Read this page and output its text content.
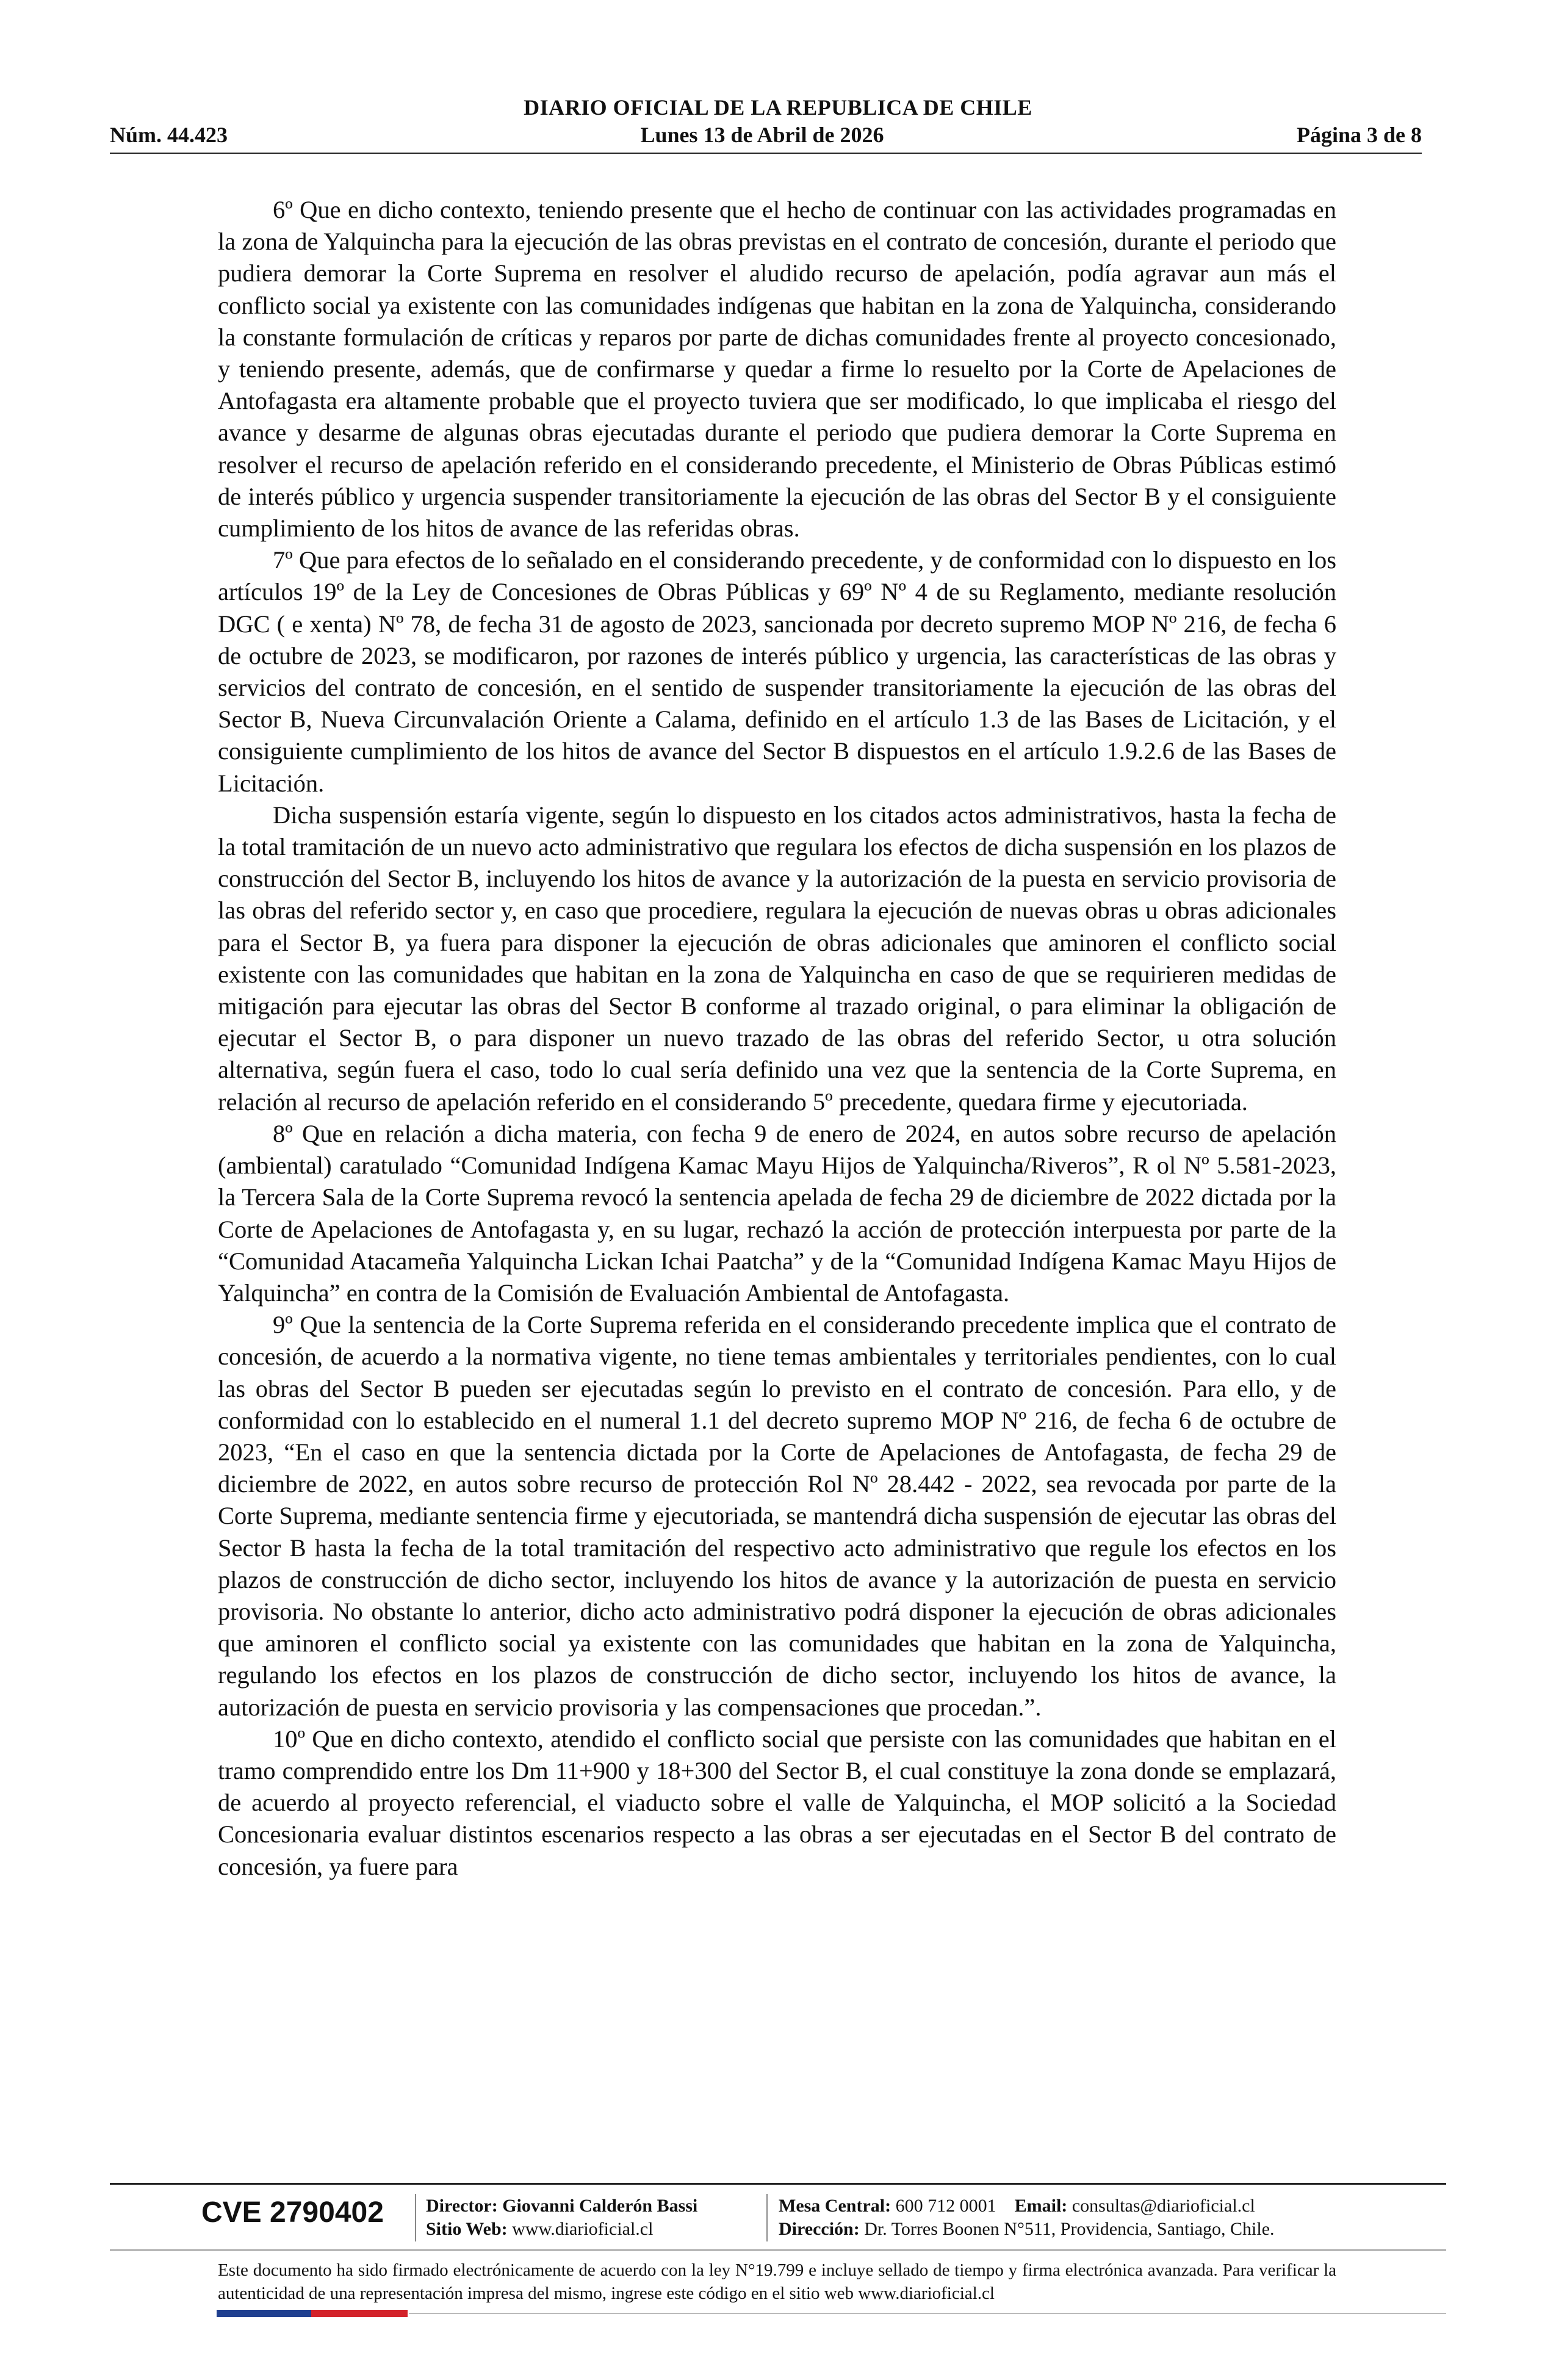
DIARIO OFICIAL DE LA REPUBLICA DE CHILE
Núm. 44.423	Lunes 13 de Abril de 2026	Página 3 de 8

6º Que en dicho contexto, teniendo presente que el hecho de continuar con las actividades programadas en la zona de Yalquincha para la ejecución de las obras previstas en el contrato de concesión, durante el periodo que pudiera demorar la Corte Suprema en resolver el aludido recurso de apelación, podía agravar aun más el conflicto social ya existente con las comunidades indígenas que habitan en la zona de Yalquincha, considerando la constante formulación de críticas y reparos por parte de dichas comunidades frente al proyecto concesionado, y teniendo presente, además, que de confirmarse y quedar a firme lo resuelto por la Corte de Apelaciones de Antofagasta era altamente probable que el proyecto tuviera que ser modificado, lo que implicaba el riesgo del avance y desarme de algunas obras ejecutadas durante el periodo que pudiera demorar la Corte Suprema en resolver el recurso de apelación referido en el considerando precedente, el Ministerio de Obras Públicas estimó de interés público y urgencia suspender transitoriamente la ejecución de las obras del Sector B y el consiguiente cumplimiento de los hitos de avance de las referidas obras.

7º Que para efectos de lo señalado en el considerando precedente, y de conformidad con lo dispuesto en los artículos 19º de la Ley de Concesiones de Obras Públicas y 69º Nº 4 de su Reglamento, mediante resolución DGC ( e xenta) Nº 78, de fecha 31 de agosto de 2023, sancionada por decreto supremo MOP Nº 216, de fecha 6 de octubre de 2023, se modificaron, por razones de interés público y urgencia, las características de las obras y servicios del contrato de concesión, en el sentido de suspender transitoriamente la ejecución de las obras del Sector B, Nueva Circunvalación Oriente a Calama, definido en el artículo 1.3 de las Bases de Licitación, y el consiguiente cumplimiento de los hitos de avance del Sector B dispuestos en el artículo 1.9.2.6 de las Bases de Licitación.

Dicha suspensión estaría vigente, según lo dispuesto en los citados actos administrativos, hasta la fecha de la total tramitación de un nuevo acto administrativo que regulara los efectos de dicha suspensión en los plazos de construcción del Sector B, incluyendo los hitos de avance y la autorización de la puesta en servicio provisoria de las obras del referido sector y, en caso que procediere, regulara la ejecución de nuevas obras u obras adicionales para el Sector B, ya fuera para disponer la ejecución de obras adicionales que aminoren el conflicto social existente con las comunidades que habitan en la zona de Yalquincha en caso de que se requirieren medidas de mitigación para ejecutar las obras del Sector B conforme al trazado original, o para eliminar la obligación de ejecutar el Sector B, o para disponer un nuevo trazado de las obras del referido Sector, u otra solución alternativa, según fuera el caso, todo lo cual sería definido una vez que la sentencia de la Corte Suprema, en relación al recurso de apelación referido en el considerando 5º precedente, quedara firme y ejecutoriada.

8º Que en relación a dicha materia, con fecha 9 de enero de 2024, en autos sobre recurso de apelación (ambiental) caratulado “Comunidad Indígena Kamac Mayu Hijos de Yalquincha/Riveros”, R ol Nº 5.581-2023, la Tercera Sala de la Corte Suprema revocó la sentencia apelada de fecha 29 de diciembre de 2022 dictada por la Corte de Apelaciones de Antofagasta y, en su lugar, rechazó la acción de protección interpuesta por parte de la “Comunidad Atacameña Yalquincha Lickan Ichai Paatcha” y de la “Comunidad Indígena Kamac Mayu Hijos de Yalquincha” en contra de la Comisión de Evaluación Ambiental de Antofagasta.

9º Que la sentencia de la Corte Suprema referida en el considerando precedente implica que el contrato de concesión, de acuerdo a la normativa vigente, no tiene temas ambientales y territoriales pendientes, con lo cual las obras del Sector B pueden ser ejecutadas según lo previsto en el contrato de concesión. Para ello, y de conformidad con lo establecido en el numeral 1.1 del decreto supremo MOP Nº 216, de fecha 6 de octubre de 2023, “En el caso en que la sentencia dictada por la Corte de Apelaciones de Antofagasta, de fecha 29 de diciembre de 2022, en autos sobre recurso de protección Rol Nº 28.442 - 2022, sea revocada por parte de la Corte Suprema, mediante sentencia firme y ejecutoriada, se mantendrá dicha suspensión de ejecutar las obras del Sector B hasta la fecha de la total tramitación del respectivo acto administrativo que regule los efectos en los plazos de construcción de dicho sector, incluyendo los hitos de avance y la autorización de puesta en servicio provisoria. No obstante lo anterior, dicho acto administrativo podrá disponer la ejecución de obras adicionales que aminoren el conflicto social ya existente con las comunidades que habitan en la zona de Yalquincha, regulando los efectos en los plazos de construcción de dicho sector, incluyendo los hitos de avance, la autorización de puesta en servicio provisoria y las compensaciones que procedan.”.

10º Que en dicho contexto, atendido el conflicto social que persiste con las comunidades que habitan en el tramo comprendido entre los Dm 11+900 y 18+300 del Sector B, el cual constituye la zona donde se emplazará, de acuerdo al proyecto referencial, el viaducto sobre el valle de Yalquincha, el MOP solicitó a la Sociedad Concesionaria evaluar distintos escenarios respecto a las obras a ser ejecutadas en el Sector B del contrato de concesión, ya fuere para

CVE 2790402	Director: Giovanni Calderón Bassi
Sitio Web: www.diarioficial.cl
Mesa Central: 600 712 0001 Email: consultas@diarioficial.cl
Dirección: Dr. Torres Boonen N°511, Providencia, Santiago, Chile.
Este documento ha sido firmado electrónicamente de acuerdo con la ley N°19.799 e incluye sellado de tiempo y firma electrónica avanzada. Para verificar la autenticidad de una representación impresa del mismo, ingrese este código en el sitio web www.diarioficial.cl
